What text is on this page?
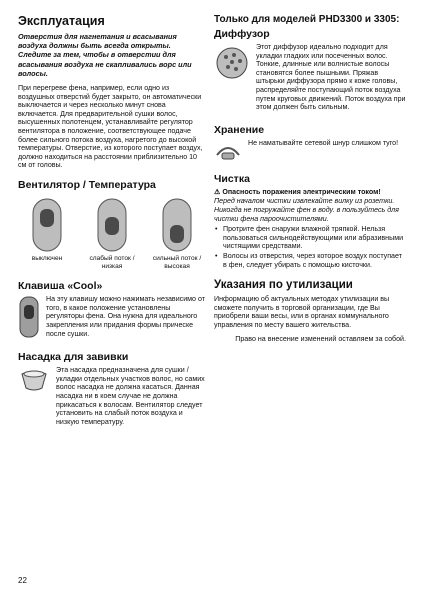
Эксплуатация

Отверстия для нагнетания и всасывания воздуха должны быть всегда открыты. Следите за тем, чтобы в отверстии для всасывания воздуха не скапливались ворс или волосы.

При перегреве фена, например, если одно из воздушных отверстий будет закрыто, он автоматически выключается и через несколько минут снова включается. Для предварительной сушки волос, высушенных полотенцем, устанавливайте регулятор вентилятора в положение, соответствующее подаче более сильного потока воздуха, нагретого до высокой температуры. Отверстие, из которого поступает воздух, должно находиться на расстоянии приблизительно 10 см от головы.

Вентилятор / Температура
выключен	слабый поток / низкая
сильный поток / высокая
Клавиша «Cool»

На эту клавишу можно нажимать независимо от того, в какое положение установлены регуляторы фена. Она нужна для идеального закрепления или придания формы прическе после сушки.

Насадка для завивки

Эта насадка предназначена для сушки / укладки отдельных участков волос, но самих волос насадка не должна касаться. Данная насадка ни в коем случае не должна прикасаться к волосам. Вентилятор следует установить на слабый поток воздуха и низкую температуру.

Только для моделей PHD3300 и 3305:
Диффузор

Этот диффузор идеально подходит для укладки гладких или посеченных волос. Тонкие, длинные или волнистые волосы становятся более пышными. Пряжав штырьки диффузора прямо к коже головы, распределяйте поступающий поток воздуха путем круговых движений. Поток воздуха при этом должен быть сильным.

Хранение

Не наматывайте сетевой шнур слишком туго!

Чистка

⚠ Опасность поражения электрическим током!

Перед началом чистки извлекайте вилку из розетки. Никогда не погружайте фен в воду. в пользуйтесь для чистки фена пароочистителями.

• Протрите фен снаружи влажной тряпкой. Нельзя пользоваться сильнодействующими или абразивными чистящими средствами.
• Волосы из отверстия, через которое воздух поступает в фен, следует убирать с помощью кисточки.
Указания по утилизации

Информацию об актуальных методах утилизации вы сможете получить в торговой организации, где Вы приобрели ваши весы, или в органах коммунального управления по месту вашего жительства.

Право на внесение изменений оставляем за собой.

22
